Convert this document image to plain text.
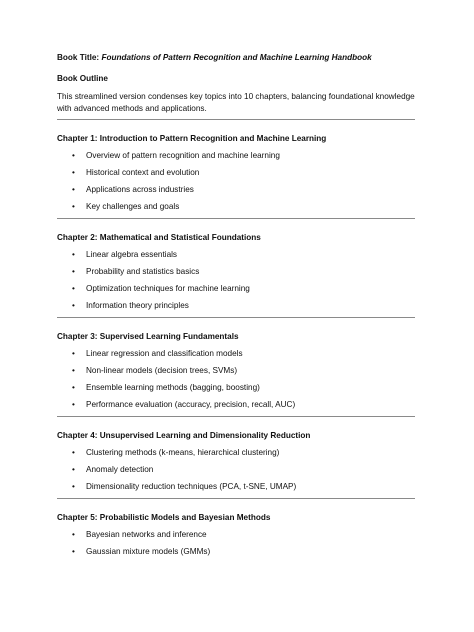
Book Title: Foundations of Pattern Recognition and Machine Learning Handbook

Book Outline

This streamlined version condenses key topics into 10 chapters, balancing foundational knowledge with advanced methods and applications.

Chapter 1: Introduction to Pattern Recognition and Machine Learning

• Overview of pattern recognition and machine learning
• Historical context and evolution
• Applications across industries
• Key challenges and goals

Chapter 2: Mathematical and Statistical Foundations

• Linear algebra essentials
• Probability and statistics basics
• Optimization techniques for machine learning
• Information theory principles

Chapter 3: Supervised Learning Fundamentals

• Linear regression and classification models
• Non-linear models (decision trees, SVMs)
• Ensemble learning methods (bagging, boosting)
• Performance evaluation (accuracy, precision, recall, AUC)

Chapter 4: Unsupervised Learning and Dimensionality Reduction

• Clustering methods (k-means, hierarchical clustering)
• Anomaly detection
• Dimensionality reduction techniques (PCA, t-SNE, UMAP)

Chapter 5: Probabilistic Models and Bayesian Methods

• Bayesian networks and inference
• Gaussian mixture models (GMMs)
